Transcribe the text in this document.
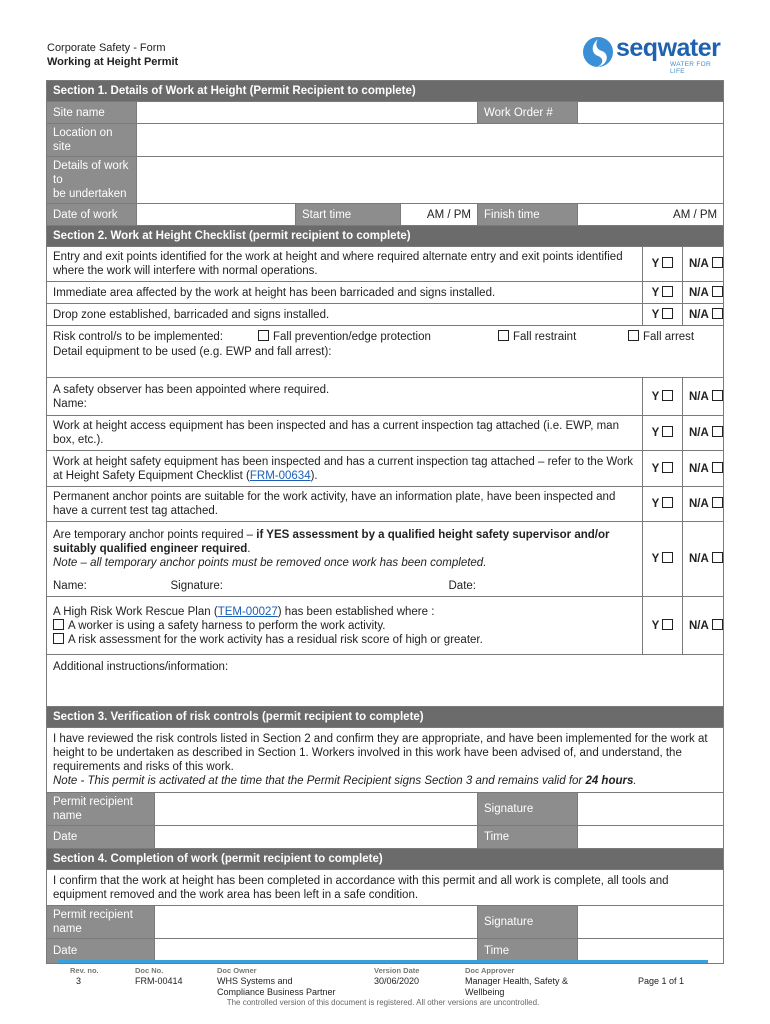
Corporate Safety - Form
Working at Height Permit	seqwater
WATER FOR LIFE
Section 1. Details of Work at Height (Permit Recipient to complete)								
Site name					Work Order #			
Location on site								

Details of work to
be undertaken								

Date of work			Start time	AM / PM	Finish time	AM / PM		
Section 2. Work at Height Checklist (permit recipient to complete)								
Entry and exit points identified for the work at height and where required alternate entry and exit points identified where the work will interfere with normal operations.							Y	N/A
Immediate area affected by the work at height has been barricaded and signs installed.							Y	N/A
Drop zone established, barricaded and signs installed.							Y	N/A

Risk control/s to be implemented: Fall prevention/edge protection Fall restraint Fall arrest
Detail equipment to be used (e.g. EWP and fall arrest):								

A safety observer has been appointed where required.
Name:							Y	N/A
Work at height access equipment has been inspected and has a current inspection tag attached (i.e. EWP, man box, etc.).							Y	N/A
Work at height safety equipment has been inspected and has a current inspection tag attached – refer to the Work at Height Safety Equipment Checklist (FRM-00634).							Y	N/A
Permanent anchor points are suitable for the work activity, have an information plate, have been inspected and have a current test tag attached.							Y	N/A

Are temporary anchor points required – if YES assessment by a qualified height safety supervisor and/or suitably qualified engineer required.
Note – all temporary anchor points must be removed once work has been completed.							Y	N/A
Name:		Signature:		Date:				

A High Risk Work Rescue Plan (TEM-00027) has been established where :
A worker is using a safety harness to perform the work activity.
A risk assessment for the work activity has a residual risk score of high or greater.							Y	N/A
Additional instructions/information:								
Section 3. Verification of risk controls (permit recipient to complete)								

I have reviewed the risk controls listed in Section 2 and confirm they are appropriate, and have been implemented for the work at height to be undertaken as described in Section 1. Workers involved in this work have been advised of, and understand, the requirements and risks of this work.
Note - This permit is activated at the time that the Permit Recipient signs Section 3 and remains valid for 24 hours.								

Permit recipient name					Signature			
Date					Time			
Section 4. Completion of work (permit recipient to complete)								
I confirm that the work at height has been completed in accordance with this permit and all work is complete, all tools and equipment removed and the work area has been left in a safe condition.								
Permit recipient name					Signature			
Date					Time			
Rev. no.
3
Doc No.
FRM-00414
Doc Owner
WHS Systems and
Compliance Business Partner
Version Date
30/06/2020
Doc Approver
Manager Health, Safety &
Wellbeing
Page 1 of 1
The controlled version of this document is registered. All other versions are uncontrolled.
